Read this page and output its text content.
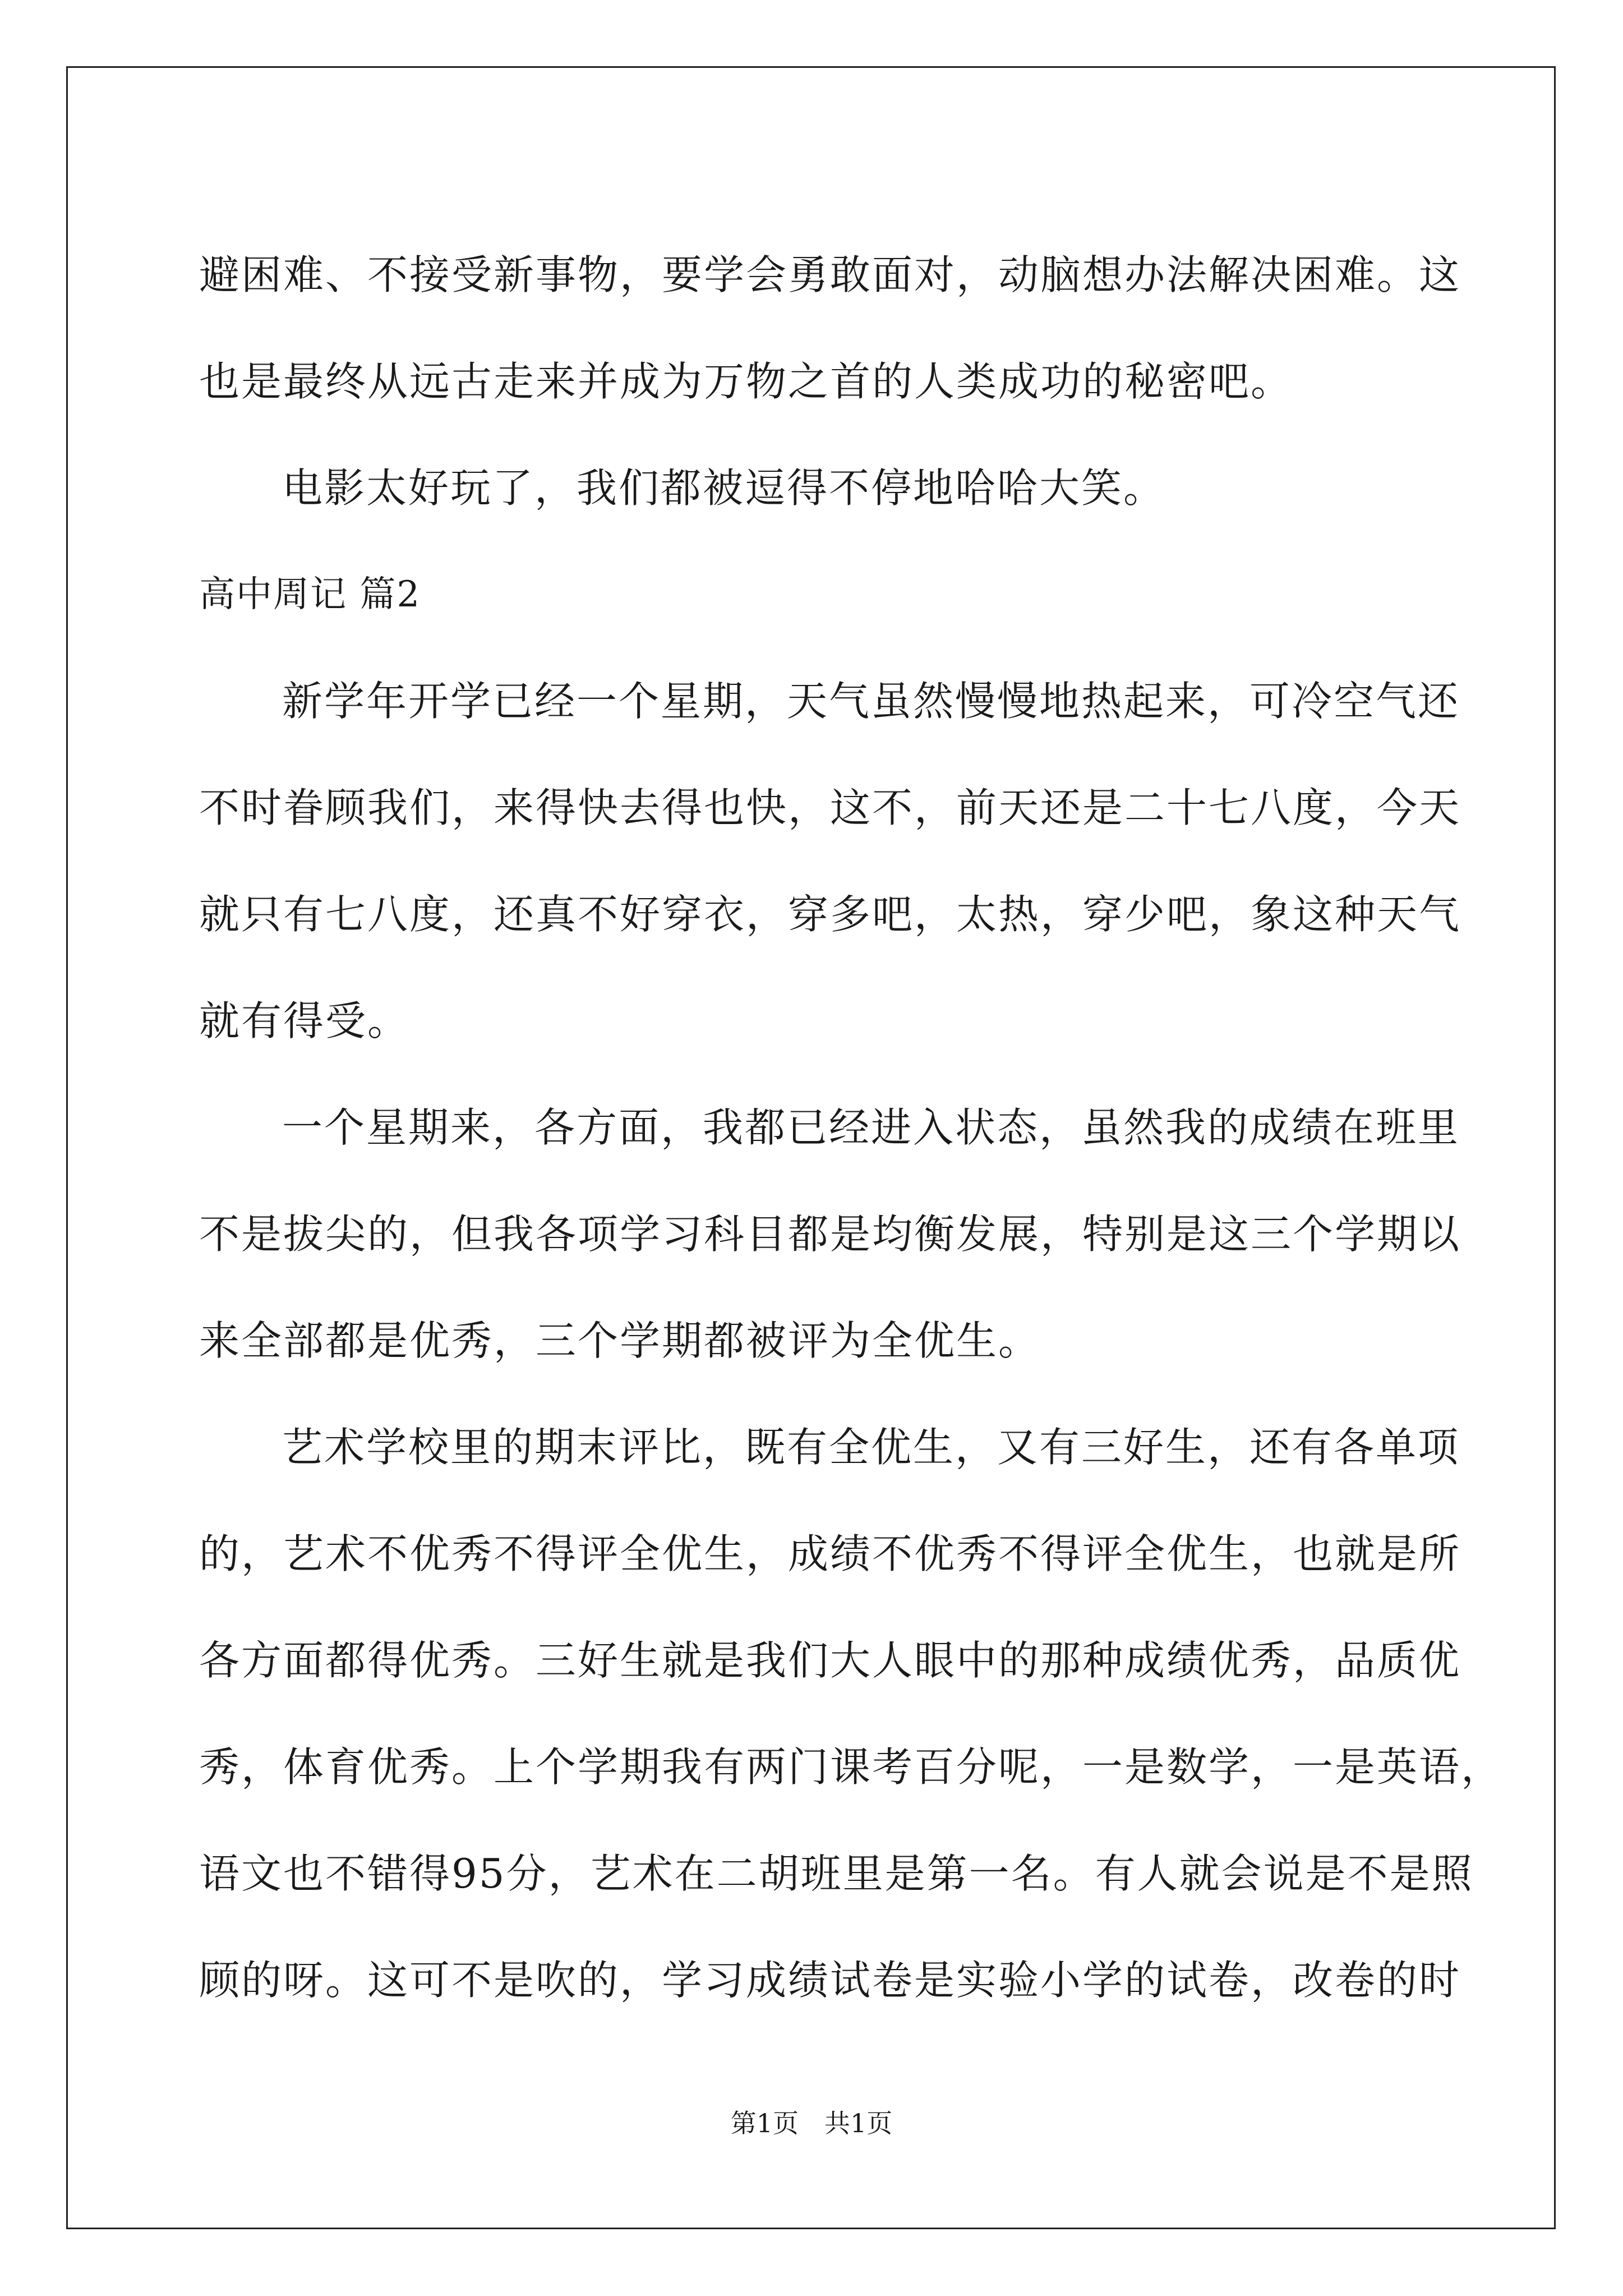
避困难、不接受新事物，要学会勇敢面对，动脑想办法解决困难。这
也是最终从远古走来并成为万物之首的人类成功的秘密吧。
电影太好玩了，我们都被逗得不停地哈哈大笑。
高中周记 篇2
新学年开学已经一个星期，天气虽然慢慢地热起来，可冷空气还
不时眷顾我们，来得快去得也快，这不，前天还是二十七八度，今天
就只有七八度，还真不好穿衣，穿多吧，太热，穿少吧，象这种天气
就有得受。
一个星期来，各方面，我都已经进入状态，虽然我的成绩在班里
不是拔尖的，但我各项学习科目都是均衡发展，特别是这三个学期以
来全部都是优秀，三个学期都被评为全优生。
艺术学校里的期末评比，既有全优生，又有三好生，还有各单项
的，艺术不优秀不得评全优生，成绩不优秀不得评全优生，也就是所
各方面都得优秀。三好生就是我们大人眼中的那种成绩优秀，品质优
秀，体育优秀。上个学期我有两门课考百分呢，一是数学，一是英语，
语文也不错得95分，艺术在二胡班里是第一名。有人就会说是不是照
顾的呀。这可不是吹的，学习成绩试卷是实验小学的试卷，改卷的时
第1页　共1页
